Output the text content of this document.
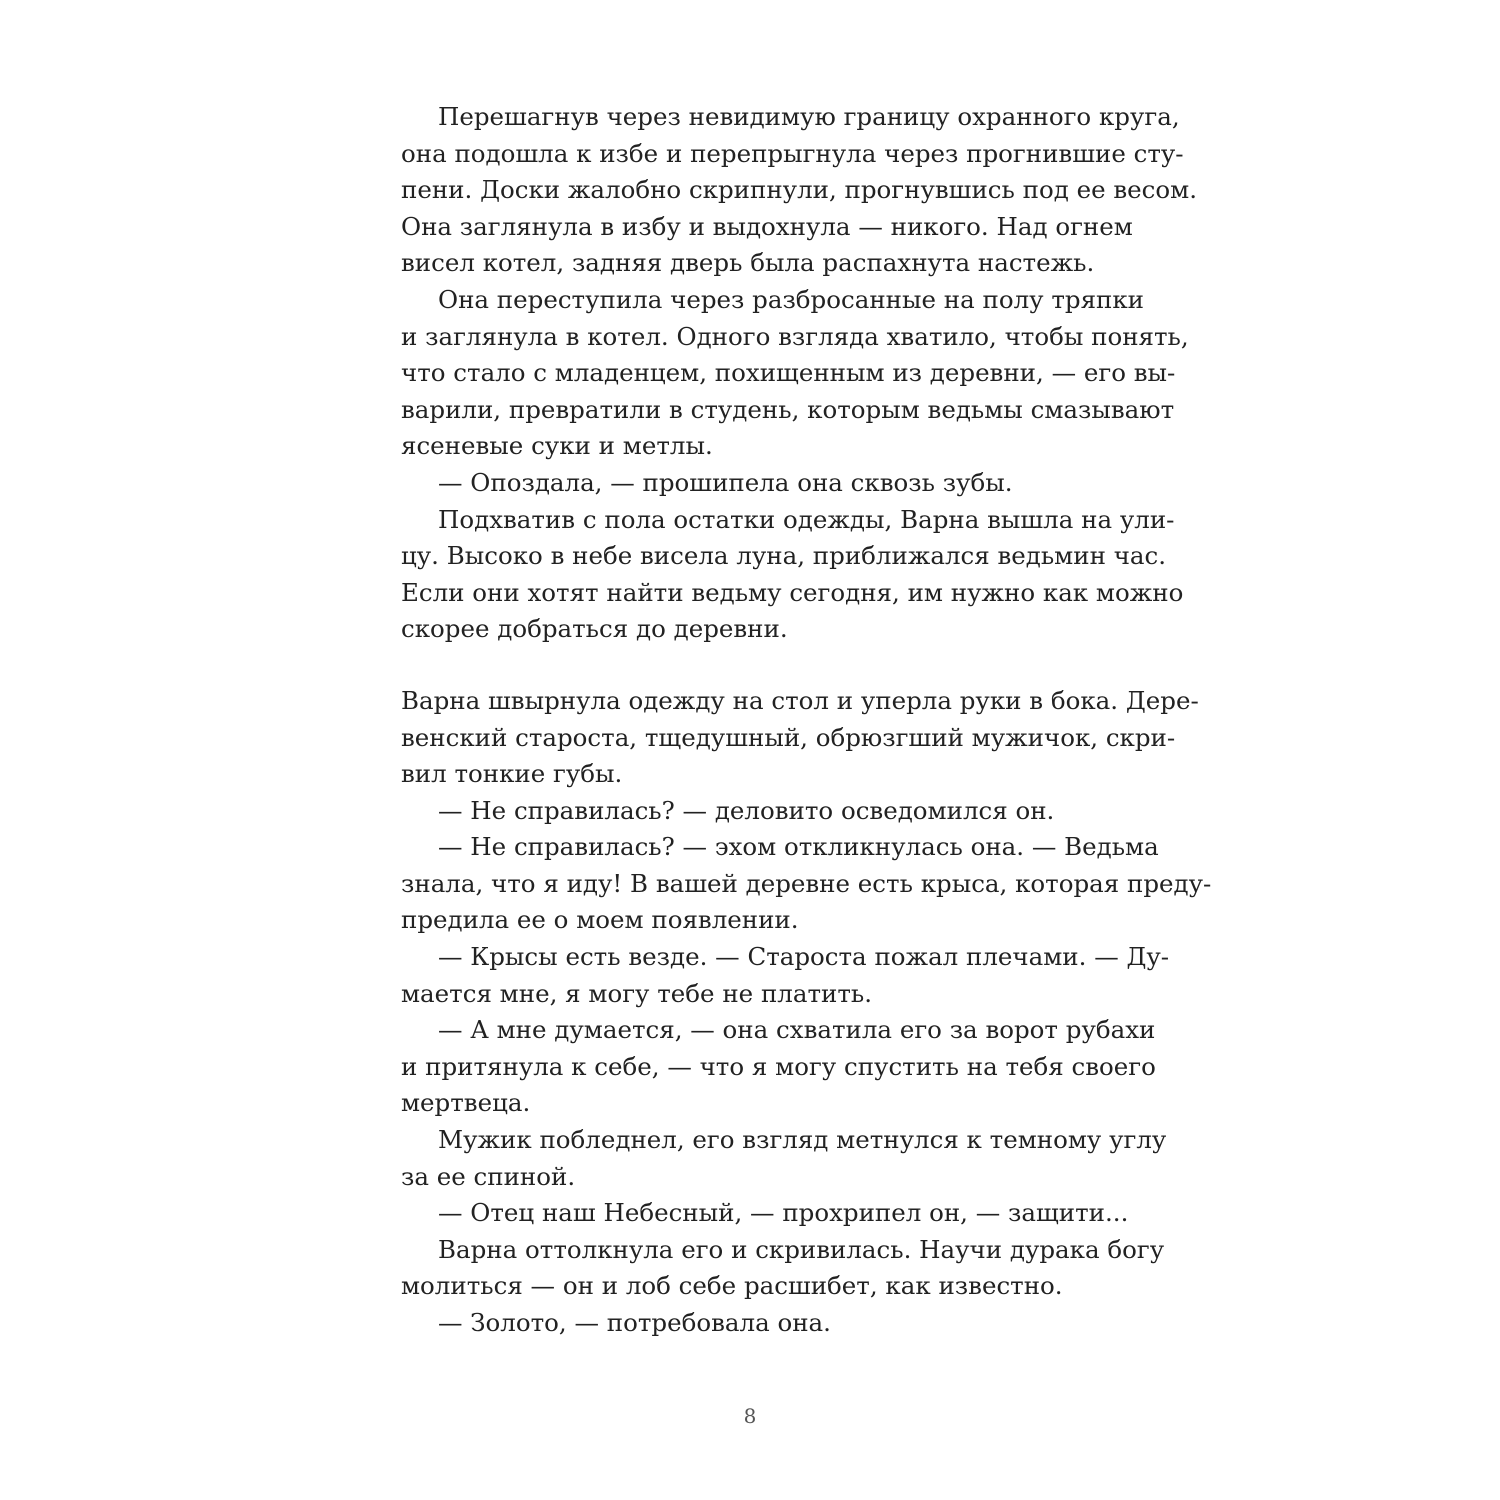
Перешагнув через невидимую границу охранного круга,
она подошла к избе и перепрыгнула через прогнившие сту-
пени. Доски жалобно скрипнули, прогнувшись под ее весом.
Она заглянула в избу и выдохнула — никого. Над огнем
висел котел, задняя дверь была распахнута настежь.
Она переступила через разбросанные на полу тряпки
и заглянула в котел. Одного взгляда хватило, чтобы понять,
что стало с младенцем, похищенным из деревни, — его вы-
варили, превратили в студень, которым ведьмы смазывают
ясеневые суки и метлы.
— Опоздала, — прошипела она сквозь зубы.
Подхватив с пола остатки одежды, Варна вышла на ули-
цу. Высоко в небе висела луна, приближался ведьмин час.
Если они хотят найти ведьму сегодня, им нужно как можно
скорее добраться до деревни.
Варна швырнула одежду на стол и уперла руки в бока. Дере-
венский староста, тщедушный, обрюзгший мужичок, скри-
вил тонкие губы.
— Не справилась? — деловито осведомился он.
— Не справилась? — эхом откликнулась она. — Ведьма
знала, что я иду! В вашей деревне есть крыса, которая преду-
предила ее о моем появлении.
— Крысы есть везде. — Староста пожал плечами. — Ду-
мается мне, я могу тебе не платить.
— А мне думается, — она схватила его за ворот рубахи
и притянула к себе, — что я могу спустить на тебя своего
мертвеца.
Мужик побледнел, его взгляд метнулся к темному углу
за ее спиной.
— Отец наш Небесный, — прохрипел он, — защити...
Варна оттолкнула его и скривилась. Научи дурака богу
молиться — он и лоб себе расшибет, как известно.
— Золото, — потребовала она.
8
